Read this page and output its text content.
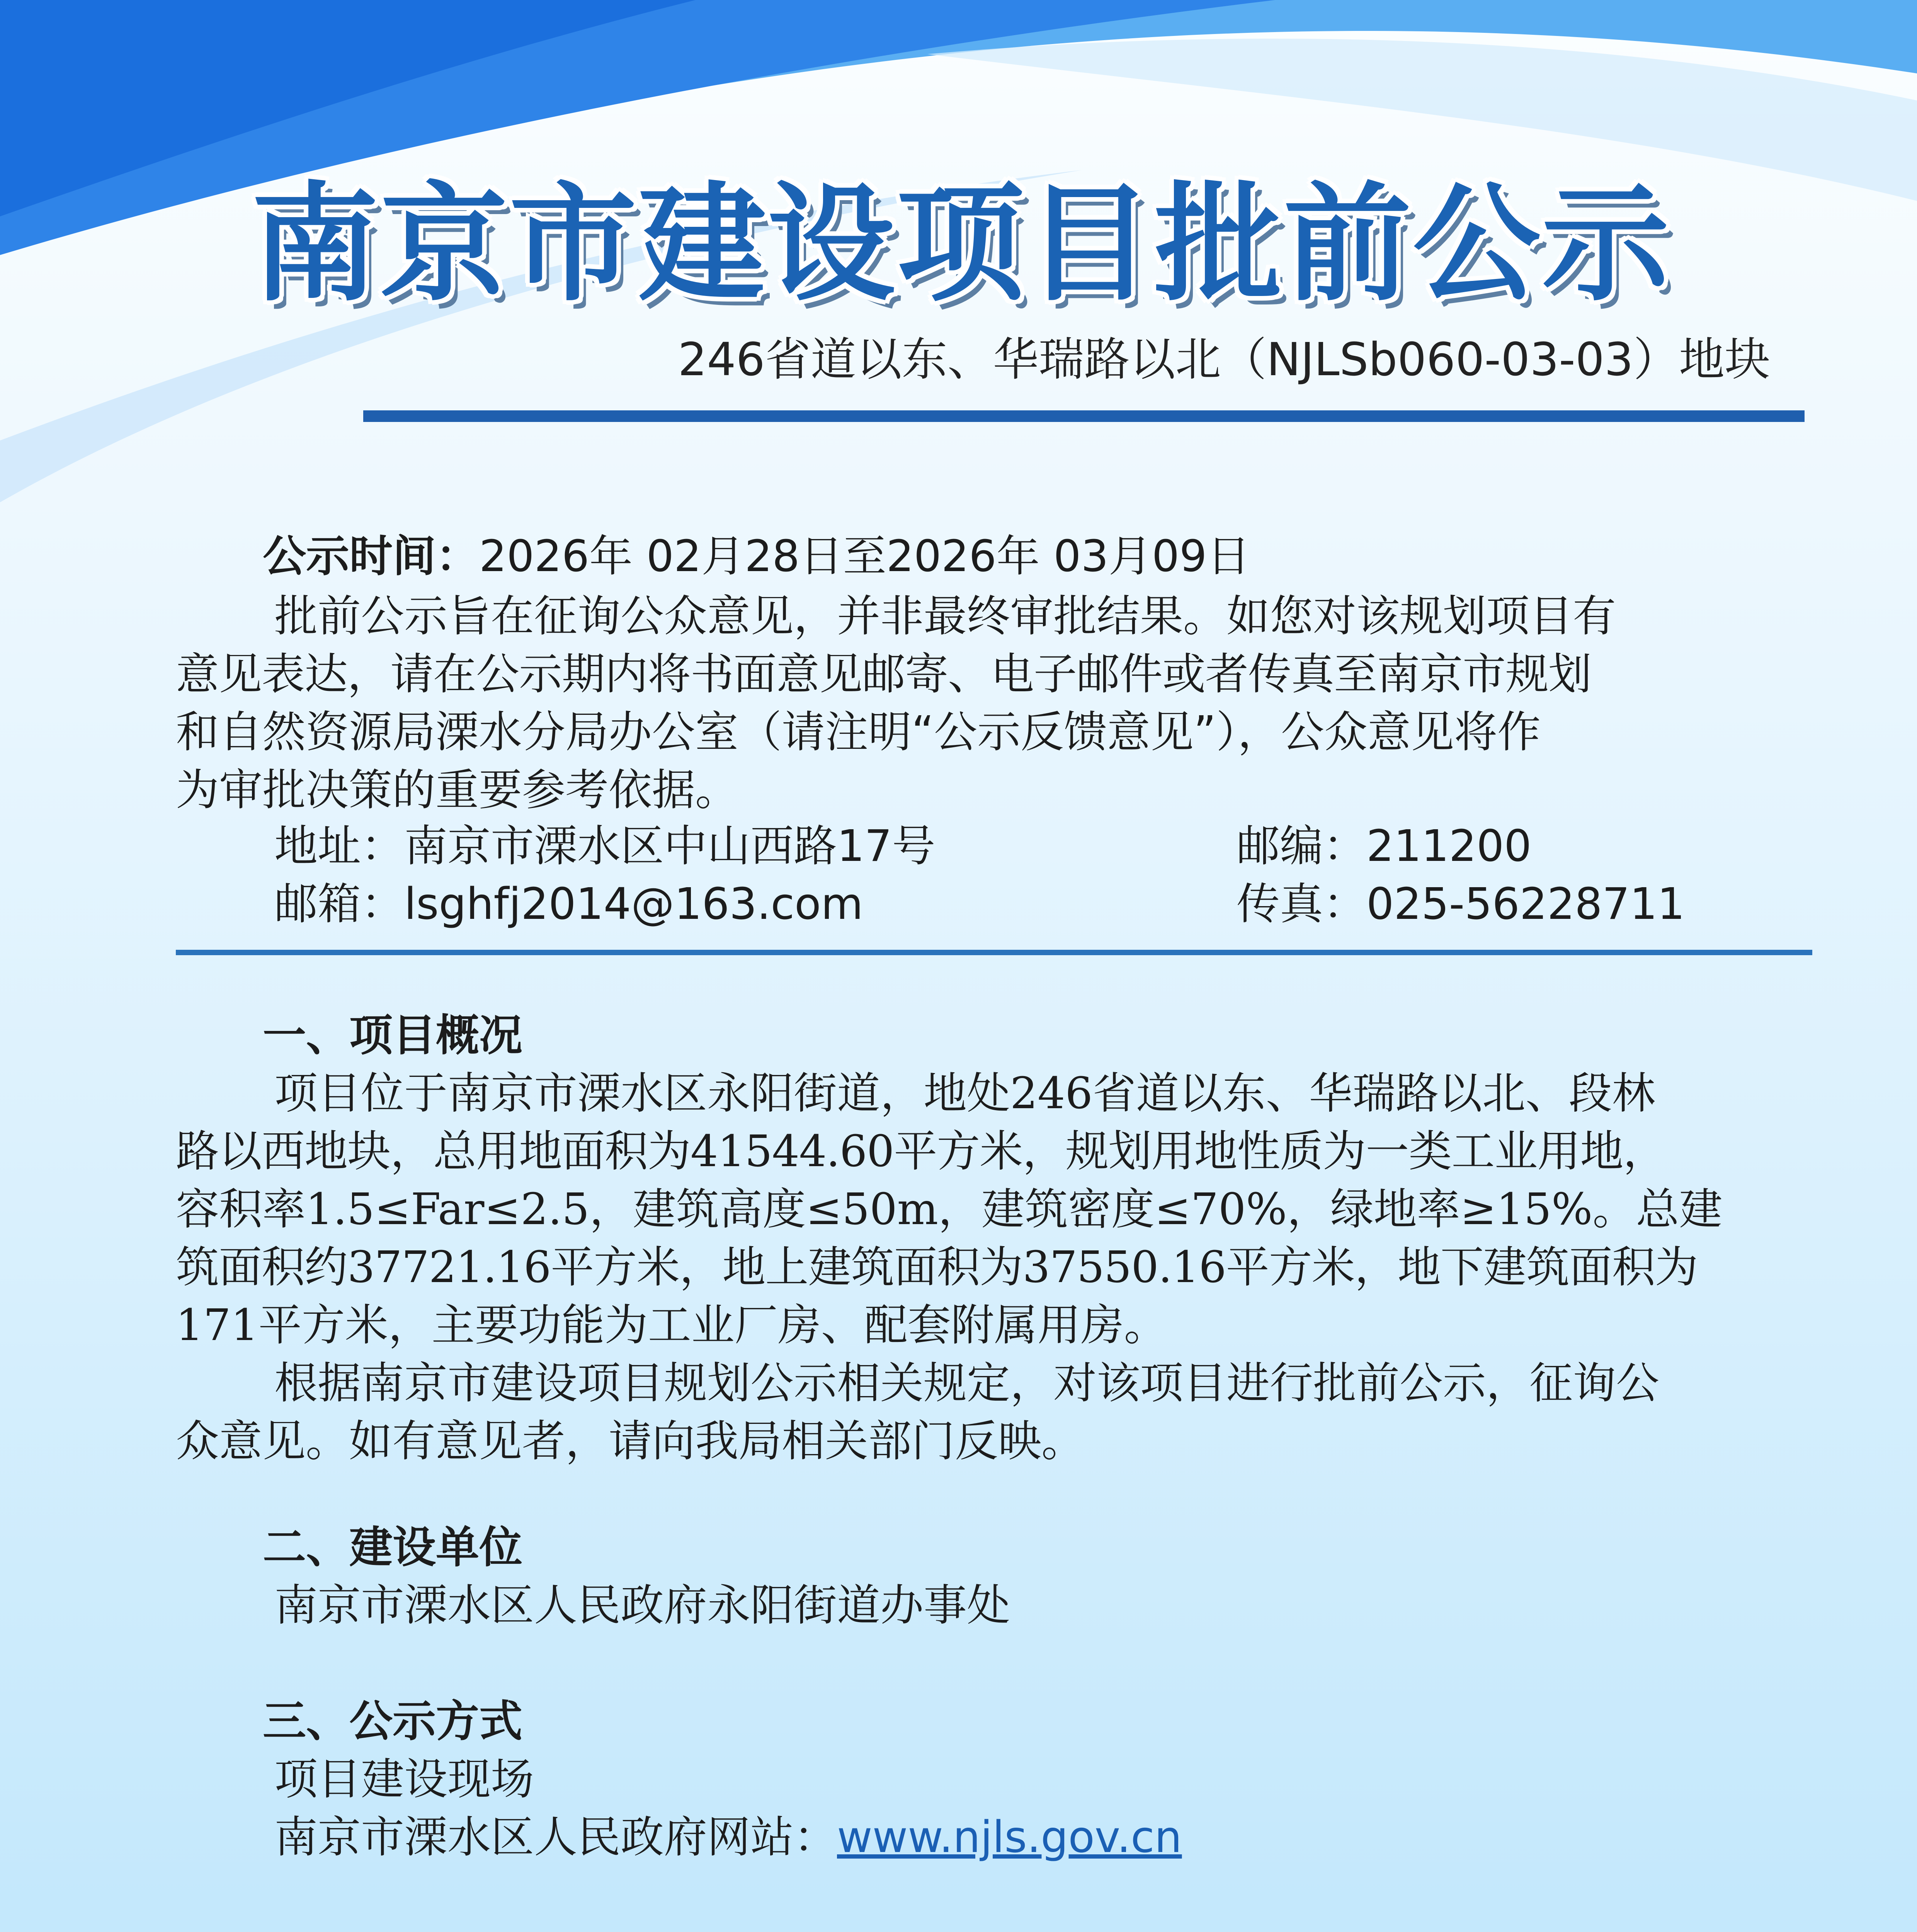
南京市建设项目批前公示
246省道以东、华瑞路以北（NJLSb060-03-03）地块
公示时间：2026年 02月28日至2026年 03月09日
批前公示旨在征询公众意见，并非最终审批结果。如您对该规划项目有
意见表达，请在公示期内将书面意见邮寄、电子邮件或者传真至南京市规划
和自然资源局溧水分局办公室（请注明“公示反馈意见”），公众意见将作
为审批决策的重要参考依据。
地址：南京市溧水区中山西路17号	邮编：211200
邮箱：lsghfj2014@163.com	传真：025-56228711
一、项目概况
项目位于南京市溧水区永阳街道，地处246省道以东、华瑞路以北、段林
路以西地块，总用地面积为41544.60平方米，规划用地性质为一类工业用地，
容积率1.5≤Far≤2.5，建筑高度≤50m，建筑密度≤70%，绿地率≥15%。总建
筑面积约37721.16平方米，地上建筑面积为37550.16平方米，地下建筑面积为
171平方米，主要功能为工业厂房、配套附属用房。
根据南京市建设项目规划公示相关规定，对该项目进行批前公示，征询公
众意见。如有意见者，请向我局相关部门反映。
二、建设单位
南京市溧水区人民政府永阳街道办事处
三、公示方式
项目建设现场
南京市溧水区人民政府网站：www.njls.gov.cn
